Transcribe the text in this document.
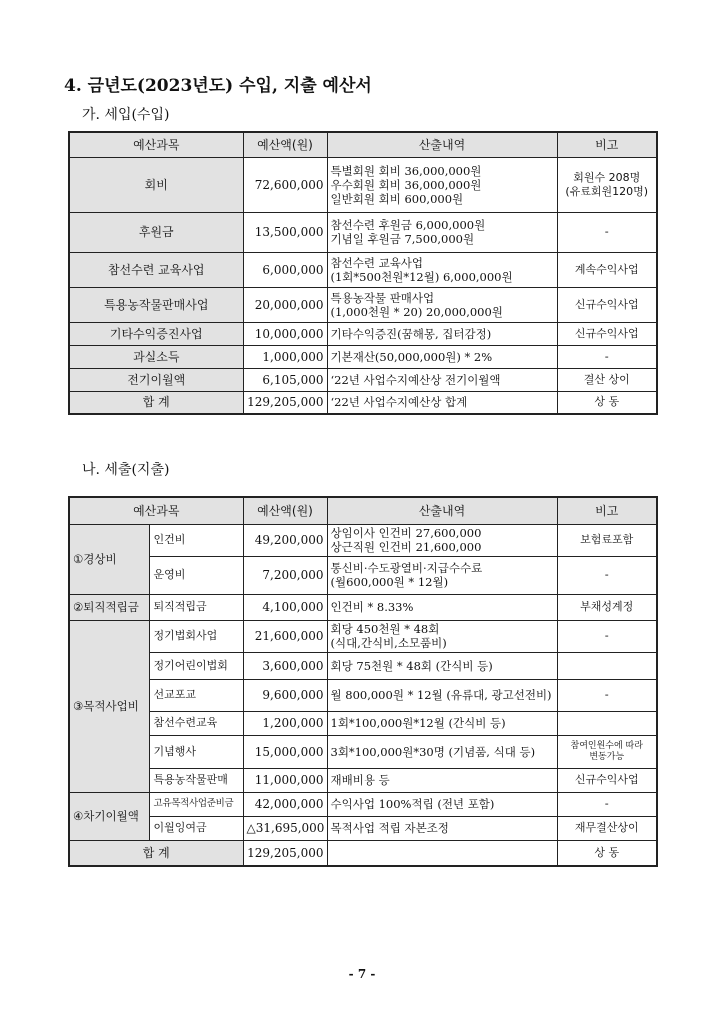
4. 금년도(2023년도) 수입, 지출 예산서
가. 세입(수입)
예산과목	예산액(원)	산출내역	비고
회비	72,600,000	특별회원 회비 36,000,000원
우수회원 회비 36,000,000원
일반회원 회비 600,000원	회원수 208명
(유료회원120명)

후원금	13,500,000	참선수련 후원금 6,000,000원
기념일 후원금 7,500,000원	-

참선수련 교육사업	6,000,000	참선수련 교육사업
(1회*500천원*12월) 6,000,000원	계속수익사업

특용농작물판매사업	20,000,000	특용농작물 판매사업
(1,000천원 * 20) 20,000,000원	신규수익사업

기타수익증진사업	10,000,000	기타수익증진(꿈해몽, 집터감정)	신규수익사업

과실소득	1,000,000	기본재산(50,000,000원) * 2%	-

전기이월액	6,105,000	‘22년 사업수지예산상 전기이월액	결산 상이

합 계	129,205,000	‘22년 사업수지예산상 합계	상 동
나. 세출(지출)
예산과목		예산액(원)	산출내역	비고
①경상비	인건비	49,200,000	상임이사 인건비 27,600,000
상근직원 인건비 21,600,000	보험료포함

	운영비	7,200,000	통신비·수도광열비·지급수수료
(월600,000원 * 12월)	-

②퇴직적립금	퇴직적립금	4,100,000	인건비 * 8.33%	부채성계정

③목적사업비	정기법회사업	21,600,000	회당 450천원 * 48회
(식대,간식비,소모품비)	-

	정기어린이법회	3,600,000	회당 75천원 * 48회 (간식비 등)	

	선교포교	9,600,000	월 800,000원 * 12월 (유류대, 광고선전비)	-

	참선수련교육	1,200,000	1회*100,000원*12월 (간식비 등)	

	기념행사	15,000,000	3회*100,000원*30명 (기념품, 식대 등)	참여인원수에 따라
변동가능

	특용농작물판매	11,000,000	재배비용 등	신규수익사업

④차기이월액	고유목적사업준비금	42,000,000	수익사업 100%적립 (전년 포함)	-

	이월잉여금	△31,695,000	목적사업 적립 자본조정	재무결산상이

합 계		129,205,000		상 동
- 7 -
